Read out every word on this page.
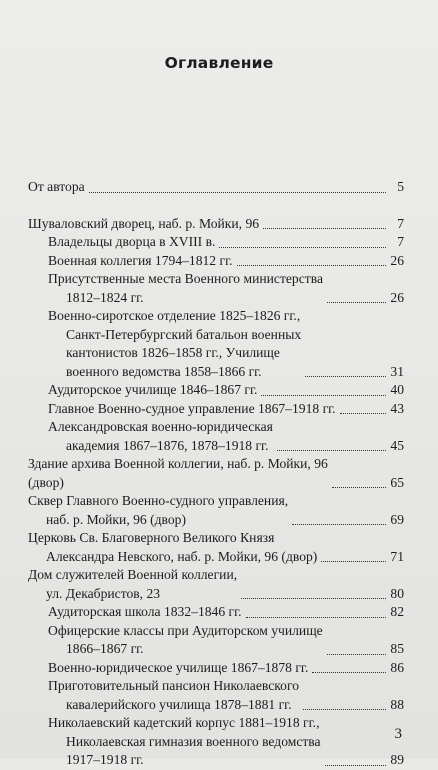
Оглавление
От автора	5
Шуваловский дворец, наб. р. Мойки, 96	7
Владельцы дворца в XVIII в.	7
Военная коллегия 1794–1812 гг.	26
Присутственные места Военного министерства
1812–1824 гг.	26
Военно-сиротское отделение 1825–1826 гг.,
Санкт-Петербургский батальон военных
кантонистов 1826–1858 гг., Училище
военного ведомства 1858–1866 гг.	31
Аудиторское училище 1846–1867 гг.	40
Главное Военно-судное управление 1867–1918 гг.	43
Александровская военно-юридическая
академия 1867–1876, 1878–1918 гг.	45
Здание архива Военной коллегии, наб. р. Мойки, 96
(двор)	65
Сквер Главного Военно-судного управления,
наб. р. Мойки, 96 (двор)	69
Церковь Св. Благоверного Великого Князя
Александра Невского, наб. р. Мойки, 96 (двор)	71
Дом служителей Военной коллегии,
ул. Декабристов, 23	80
Аудиторская школа 1832–1846 гг.	82
Офицерские классы при Аудиторском училище
1866–1867 гг.	85
Военно-юридическое училище 1867–1878 гг.	86
Приготовительный пансион Николаевского
кавалерийского училища 1878–1881 гг.	88
Николаевский кадетский корпус 1881–1918 гг.,
Николаевская гимназия военного ведомства
1917–1918 гг.	89
3
